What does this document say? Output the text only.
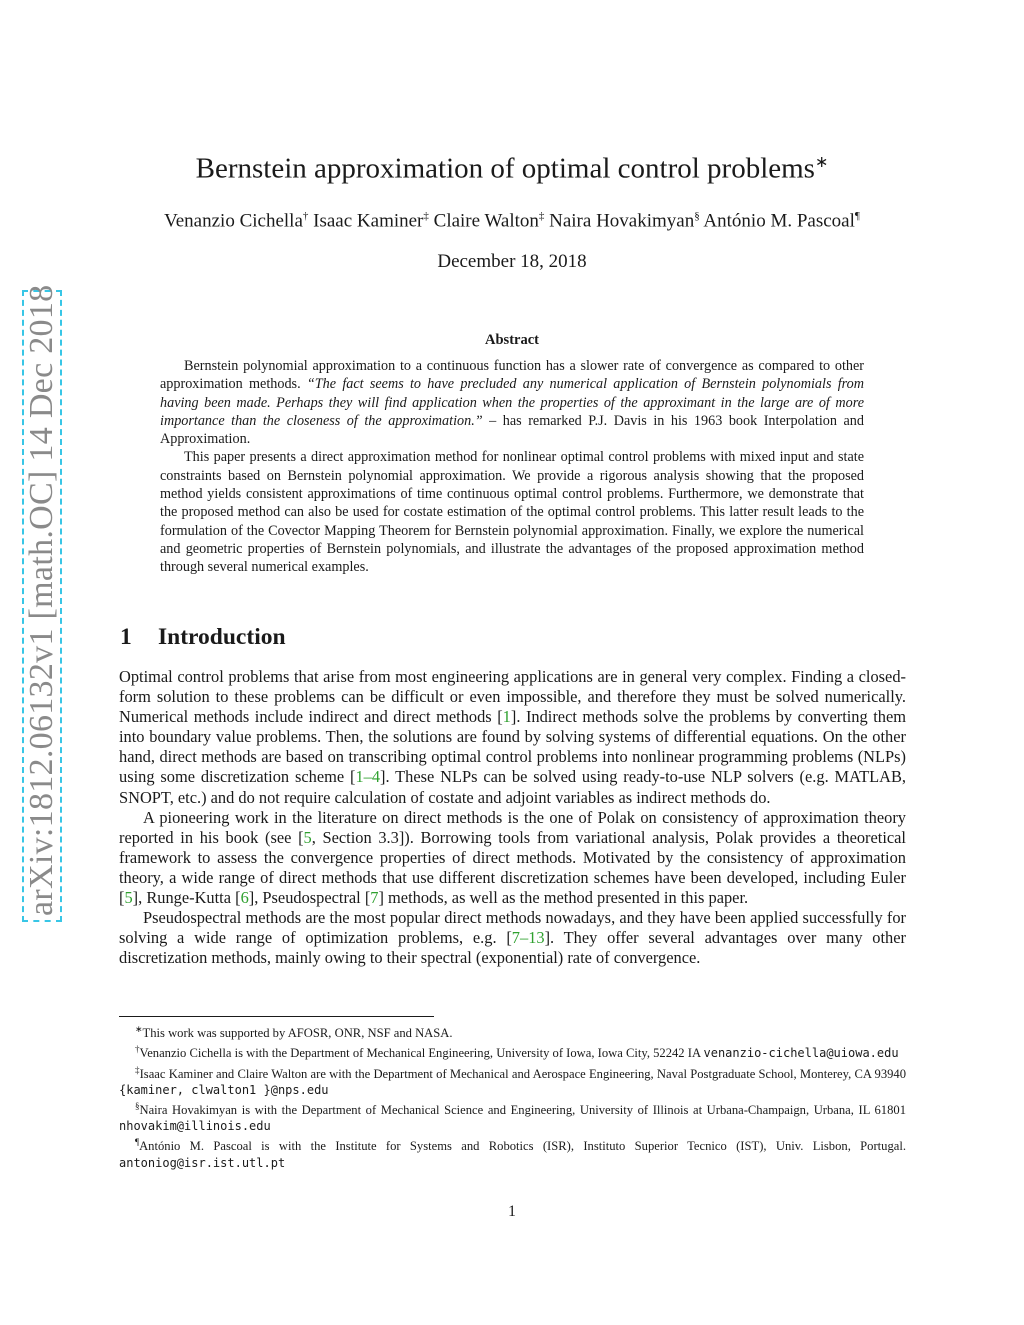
arXiv:1812.06132v1 [math.OC] 14 Dec 2018
Bernstein approximation of optimal control problems∗
Venanzio Cichella† Isaac Kaminer‡ Claire Walton‡ Naira Hovakimyan§ António M. Pascoal¶
December 18, 2018
Abstract

Bernstein polynomial approximation to a continuous function has a slower rate of convergence as compared to other approximation methods. “The fact seems to have precluded any numerical application of Bernstein polynomials from having been made. Perhaps they will find application when the properties of the approximant in the large are of more importance than the closeness of the approximation.” – has remarked P.J. Davis in his 1963 book Interpolation and Approximation.

This paper presents a direct approximation method for nonlinear optimal control problems with mixed input and state constraints based on Bernstein polynomial approximation. We provide a rigorous analysis showing that the proposed method yields consistent approximations of time continuous optimal control problems. Furthermore, we demonstrate that the proposed method can also be used for costate estimation of the optimal control problems. This latter result leads to the formulation of the Covector Mapping Theorem for Bernstein polynomial approximation. Finally, we explore the numerical and geometric properties of Bernstein polynomials, and illustrate the advantages of the proposed approximation method through several numerical examples.

1 Introduction

Optimal control problems that arise from most engineering applications are in general very complex. Finding a closed-form solution to these problems can be difficult or even impossible, and therefore they must be solved numerically. Numerical methods include indirect and direct methods [1]. Indirect methods solve the problems by converting them into boundary value problems. Then, the solutions are found by solving systems of differential equations. On the other hand, direct methods are based on transcribing optimal control problems into nonlinear programming problems (NLPs) using some discretization scheme [1–4]. These NLPs can be solved using ready-to-use NLP solvers (e.g. MATLAB, SNOPT, etc.) and do not require calculation of costate and adjoint variables as indirect methods do.

A pioneering work in the literature on direct methods is the one of Polak on consistency of approximation theory reported in his book (see [5, Section 3.3]). Borrowing tools from variational analysis, Polak provides a theoretical framework to assess the convergence properties of direct methods. Motivated by the consistency of approximation theory, a wide range of direct methods that use different discretization schemes have been developed, including Euler [5], Runge-Kutta [6], Pseudospectral [7] methods, as well as the method presented in this paper.

Pseudospectral methods are the most popular direct methods nowadays, and they have been applied successfully for solving a wide range of optimization problems, e.g. [7–13]. They offer several advantages over many other discretization methods, mainly owing to their spectral (exponential) rate of convergence.

∗This work was supported by AFOSR, ONR, NSF and NASA.

†Venanzio Cichella is with the Department of Mechanical Engineering, University of Iowa, Iowa City, 52242 IA venanzio-cichella@uiowa.edu

‡Isaac Kaminer and Claire Walton are with the Department of Mechanical and Aerospace Engineering, Naval Postgraduate School, Monterey, CA 93940 {kaminer, clwalton1 }@nps.edu

§Naira Hovakimyan is with the Department of Mechanical Science and Engineering, University of Illinois at Urbana-Champaign, Urbana, IL 61801 nhovakim@illinois.edu

¶António M. Pascoal is with the Institute for Systems and Robotics (ISR), Instituto Superior Tecnico (IST), Univ. Lisbon, Portugal. antoniog@isr.ist.utl.pt

1
